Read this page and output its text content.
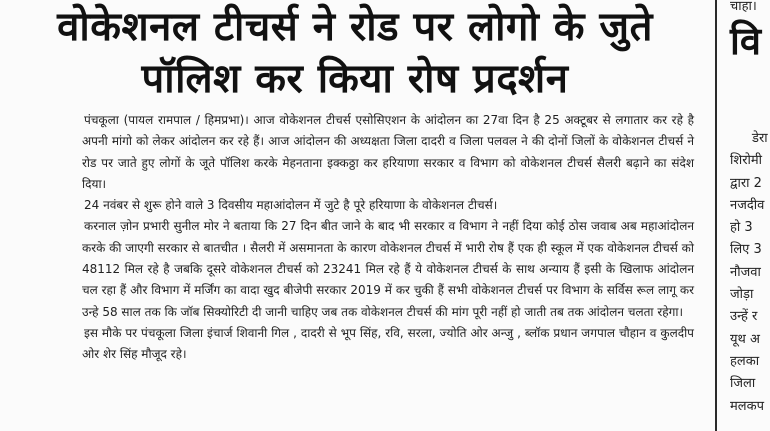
वोकेशनल टीचर्स ने रोड पर लोगो के जुते
पॉलिश कर किया रोष प्रदर्शन

पंचकूला (पायल रामपाल / हिमप्रभा)। आज वोकेशनल टीचर्स एसोसिएशन के आंदोलन का 27वा दिन है 25 अक्टूबर से लगातार कर रहे है अपनी मांगो को लेकर आंदोलन कर रहे हैं। आज आंदोलन की अध्यक्षता जिला दादरी व जिला पलवल ने की दोनों जिलों के वोकेशनल टीचर्स ने रोड पर जाते हुए लोगों के जूते पॉलिश करके मेहनताना इक्कठ्ठा कर हरियाणा सरकार व विभाग को वोकेशनल टीचर्स सैलरी बढ़ाने का संदेश दिया।

24 नवंबर से शुरू होने वाले 3 दिवसीय महाआंदोलन में जुटे है पूरे हरियाणा के वोकेशनल टीचर्स।

करनाल ज़ोन प्रभारी सुनील मोर ने बताया कि 27 दिन बीत जाने के बाद भी सरकार व विभाग ने नहीं दिया कोई ठोस जवाब अब महाआंदोलन करके की जाएगी सरकार से बातचीत । सैलरी में असमानता के कारण वोकेशनल टीचर्स में भारी रोष हैं एक ही स्कूल में एक वोकेशनल टीचर्स को 48112 मिल रहे है जबकि दूसरे वोकेशनल टीचर्स को 23241 मिल रहे हैं ये वोकेशनल टीचर्स के साथ अन्याय हैं इसी के खिलाफ आंदोलन चल रहा हैं और विभाग में मर्जिंग का वादा खुद बीजेपी सरकार 2019 में कर चुकी हैं सभी वोकेशनल टीचर्स पर विभाग के सर्विस रूल लागू कर उन्हे 58 साल तक कि जॉब सिक्योरिटी दी जानी चाहिए जब तक वोकेशनल टीचर्स की मांग पूरी नहीं हो जाती तब तक आंदोलन चलता रहेगा।

इस मौके पर पंचकूला जिला इंचार्ज शिवानी गिल , दादरी से भूप सिंह, रवि, सरला, ज्योति ओर अन्जु , ब्लॉक प्रधान जगपाल चौहान व कुलदीप ओर शेर सिंह मौजूद रहे।

चाहा।
वि
डेरा
शिरोमी
द्वारा 2
नजदीव
हो 3
लिए 3
नौजवा
जोड़ा
उन्हें र
यूथ अ
हलका
जिला
मलकप
